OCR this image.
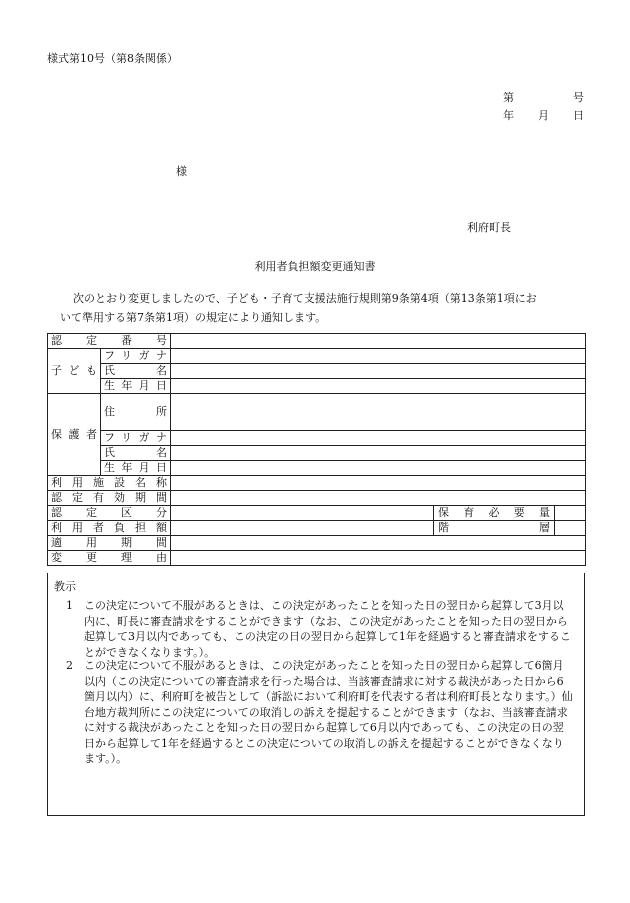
様式第10号（第8条関係）
第	号
年 月 日
様
利府町長
利用者負担額変更通知書
次のとおり変更しましたので、子ども・子育て支援法施行規則第9条第4項（第13条第1項にお
いて準用する第7条第1項）の規定により通知します。
認定番号			

子ども	フリガナ		

	氏名		

	生年月日		

保護者	住所		

	フリガナ		

	氏名		

	生年月日		

利用施設名称			

認定有効期間			

認定区分			保育必要量

利用者負担額			階層

適用期間			

変更理由			

教示
1 この決定について不服があるときは、この決定があったことを知った日の翌日から起算して3月以内に、町長に審査請求をすることができます（なお、この決定があったことを知った日の翌日から起算して3月以内であっても、この決定の日の翌日から起算して1年を経過すると審査請求をすることができなくなります。）。
2 この決定について不服があるときは、この決定があったことを知った日の翌日から起算して6箇月以内（この決定についての審査請求を行った場合は、当該審査請求に対する裁決があった日から6箇月以内）に、利府町を被告として（訴訟において利府町を代表する者は利府町長となります。）仙台地方裁判所にこの決定についての取消しの訴えを提起することができます（なお、当該審査請求に対する裁決があったことを知った日の翌日から起算して6月以内であっても、この決定の日の翌日から起算して1年を経過するとこの決定についての取消しの訴えを提起することができなくなります。）。
